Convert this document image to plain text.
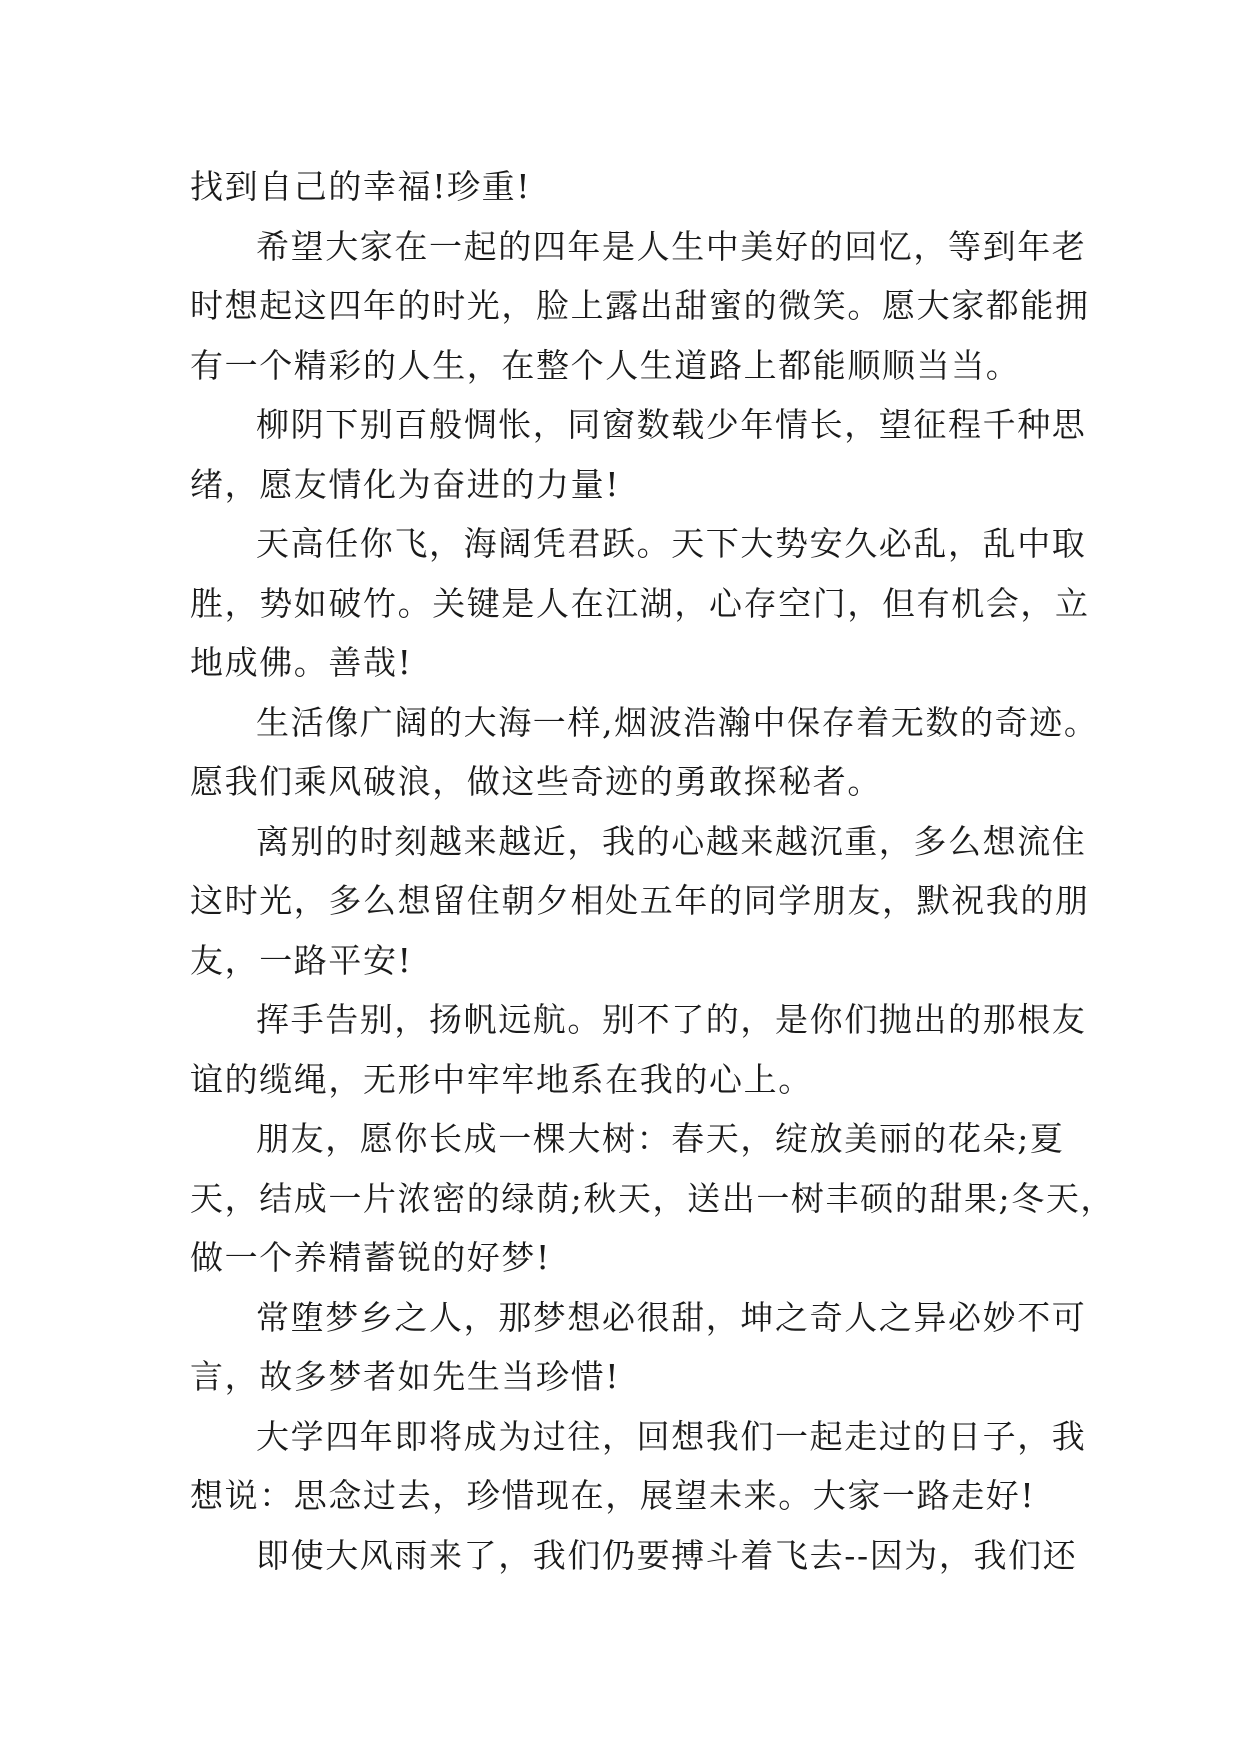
找到自己的幸福!珍重!
希望大家在一起的四年是人生中美好的回忆，等到年老
时想起这四年的时光，脸上露出甜蜜的微笑。愿大家都能拥
有一个精彩的人生，在整个人生道路上都能顺顺当当。
柳阴下别百般惆怅，同窗数载少年情长，望征程千种思
绪，愿友情化为奋进的力量!
天高任你飞，海阔凭君跃。天下大势安久必乱，乱中取
胜，势如破竹。关键是人在江湖，心存空门，但有机会，立
地成佛。善哉!
生活像广阔的大海一样,烟波浩瀚中保存着无数的奇迹。
愿我们乘风破浪，做这些奇迹的勇敢探秘者。
离别的时刻越来越近，我的心越来越沉重，多么想流住
这时光，多么想留住朝夕相处五年的同学朋友，默祝我的朋
友，一路平安!
挥手告别，扬帆远航。别不了的，是你们抛出的那根友
谊的缆绳，无形中牢牢地系在我的心上。
朋友，愿你长成一棵大树：春天，绽放美丽的花朵;夏
天，结成一片浓密的绿荫;秋天，送出一树丰硕的甜果;冬天，
做一个养精蓄锐的好梦!
常堕梦乡之人，那梦想必很甜，坤之奇人之异必妙不可
言，故多梦者如先生当珍惜!
大学四年即将成为过往，回想我们一起走过的日子，我
想说：思念过去，珍惜现在，展望未来。大家一路走好!
即使大风雨来了，我们仍要搏斗着飞去--因为，我们还
